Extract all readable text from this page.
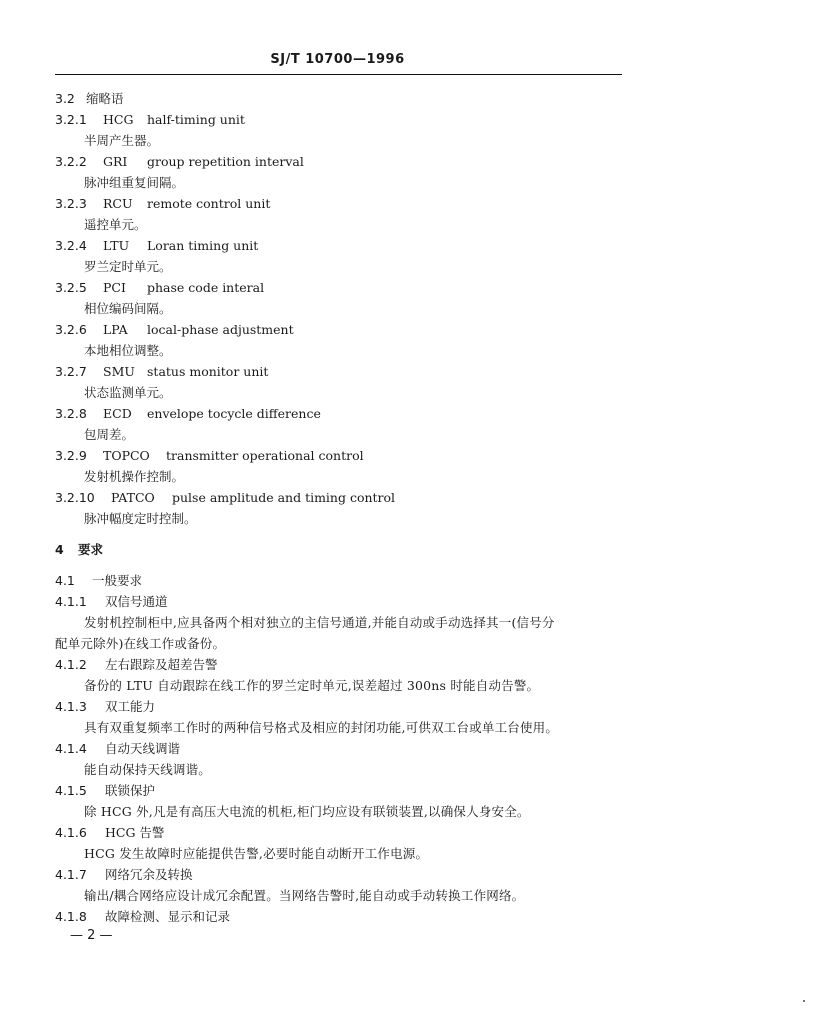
SJ/T 10700—1996
3.2 缩略语
3.2.1 HCG half-timing unit
半周产生器。
3.2.2 GRI group repetition interval
脉冲组重复间隔。
3.2.3 RCU remote control unit
遥控单元。
3.2.4 LTU Loran timing unit
罗兰定时单元。
3.2.5 PCI phase code interal
相位编码间隔。
3.2.6 LPA local-phase adjustment
本地相位调整。
3.2.7 SMU status monitor unit
状态监测单元。
3.2.8 ECD envelope tocycle difference
包周差。
3.2.9 TOPCO transmitter operational control
发射机操作控制。
3.2.10 PATCO pulse amplitude and timing control
脉冲幅度定时控制。
4 要求
4.1 一般要求
4.1.1 双信号通道
发射机控制柜中,应具备两个相对独立的主信号通道,并能自动或手动选择其一(信号分
配单元除外)在线工作或备份。
4.1.2 左右跟踪及超差告警
备份的 LTU 自动跟踪在线工作的罗兰定时单元,误差超过 300ns 时能自动告警。
4.1.3 双工能力
具有双重复频率工作时的两种信号格式及相应的封闭功能,可供双工台或单工台使用。
4.1.4 自动天线调谐
能自动保持天线调谐。
4.1.5 联锁保护
除 HCG 外,凡是有高压大电流的机柜,柜门均应设有联锁装置,以确保人身安全。
4.1.6 HCG 告警
HCG 发生故障时应能提供告警,必要时能自动断开工作电源。
4.1.7 网络冗余及转换
输出/耦合网络应设计成冗余配置。当网络告警时,能自动或手动转换工作网络。
4.1.8 故障检测、显示和记录
— 2 —
